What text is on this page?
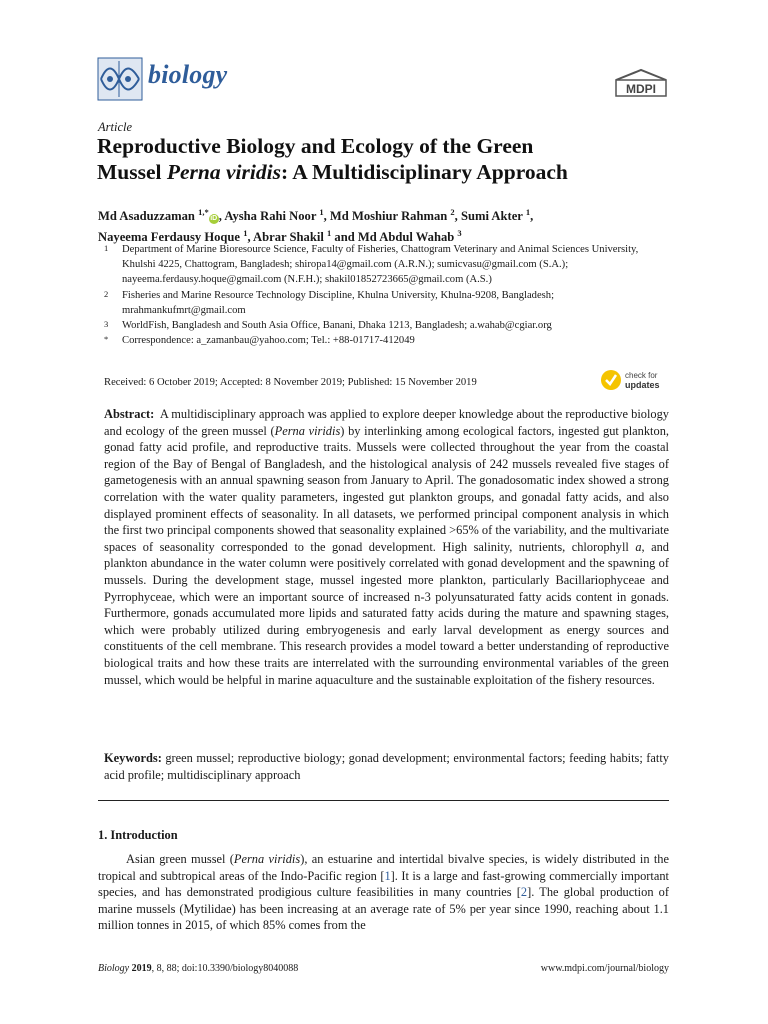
biology	MDPI
Article
Reproductive Biology and Ecology of the Green
Mussel Perna viridis: A Multidisciplinary Approach
Md Asaduzzaman $^{1,*}$iD , Aysha Rahi Noor $^1$, Md Moshiur Rahman $^2$, Sumi Akter $^1$,
Nayeema Ferdausy Hoque $^1$, Abrar Shakil $^1$ and Md Abdul Wahab $^3$
1	Department of Marine Bioresource Science, Faculty of Fisheries, Chattogram Veterinary and Animal Sciences University, Khulshi 4225, Chattogram, Bangladesh; shiropa14@gmail.com (A.R.N.); sumicvasu@gmail.com (S.A.); nayeema.ferdausy.hoque@gmail.com (N.F.H.); shakil01852723665@gmail.com (A.S.)
2	Fisheries and Marine Resource Technology Discipline, Khulna University, Khulna-9208, Bangladesh; mrahmankufmrt@gmail.com
3	WorldFish, Bangladesh and South Asia Office, Banani, Dhaka 1213, Bangladesh; a.wahab@cgiar.org
*	Correspondence: a_zamanbau@yahoo.com; Tel.: +88-01717-412049
Received: 6 October 2019; Accepted: 8 November 2019; Published: 15 November 2019
check for
updates
Abstract: A multidisciplinary approach was applied to explore deeper knowledge about the reproductive biology and ecology of the green mussel (Perna viridis) by interlinking among ecological factors, ingested gut plankton, gonad fatty acid profile, and reproductive traits. Mussels were collected throughout the year from the coastal region of the Bay of Bengal of Bangladesh, and the histological analysis of 242 mussels revealed five stages of gametogenesis with an annual spawning season from January to April. The gonadosomatic index showed a strong correlation with the water quality parameters, ingested gut plankton groups, and gonadal fatty acids, and also displayed prominent effects of seasonality. In all datasets, we performed principal component analysis in which the first two principal components showed that seasonality explained >65% of the variability, and the multivariate spaces of seasonality corresponded to the gonad development. High salinity, nutrients, chlorophyll a, and plankton abundance in the water column were positively correlated with gonad development and the spawning of mussels. During the development stage, mussel ingested more plankton, particularly Bacillariophyceae and Pyrrophyceae, which were an important source of increased n-3 polyunsaturated fatty acids content in gonads. Furthermore, gonads accumulated more lipids and saturated fatty acids during the mature and spawning stages, which were probably utilized during embryogenesis and early larval development as energy sources and constituents of the cell membrane. This research provides a model toward a better understanding of reproductive biological traits and how these traits are interrelated with the surrounding environmental variables of the green mussel, which would be helpful in marine aquaculture and the sustainable exploitation of the fishery resources.
Keywords: green mussel; reproductive biology; gonad development; environmental factors; feeding habits; fatty acid profile; multidisciplinary approach
1. Introduction
Asian green mussel (Perna viridis), an estuarine and intertidal bivalve species, is widely distributed in the tropical and subtropical areas of the Indo-Pacific region [1]. It is a large and fast-growing commercially important species, and has demonstrated prodigious culture feasibilities in many countries [2]. The global production of marine mussels (Mytilidae) has been increasing at an average rate of 5% per year since 1990, reaching about 1.1 million tonnes in 2015, of which 85% comes from the
Biology 2019, 8, 88; doi:10.3390/biology8040088	www.mdpi.com/journal/biology
